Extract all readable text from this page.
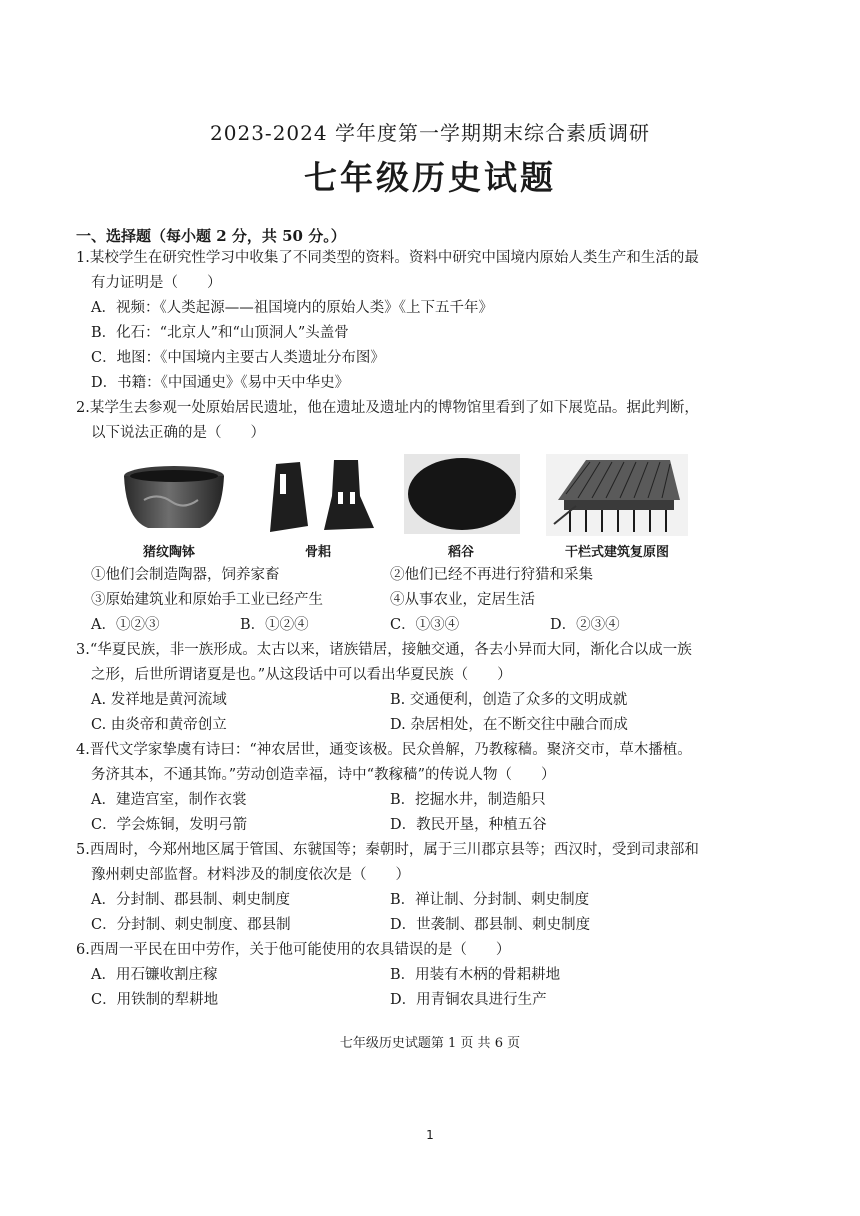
2023-2024 学年度第一学期期末综合素质调研
七年级历史试题
一、选择题（每小题 2 分，共 50 分。）
1.某校学生在研究性学习中收集了不同类型的资料。资料中研究中国境内原始人类生产和生活的最
有力证明是（　　）
A．视频：《人类起源——祖国境内的原始人类》《上下五千年》
B．化石：“北京人”和“山顶洞人”头盖骨
C．地图：《中国境内主要古人类遗址分布图》
D．书籍：《中国通史》《易中天中华史》
2.某学生去参观一处原始居民遗址，他在遗址及遗址内的博物馆里看到了如下展览品。据此判断，
以下说法正确的是（　　）
猪纹陶钵	骨耜	稻谷	干栏式建筑复原图
①他们会制造陶器，饲养家畜	②他们已经不再进行狩猎和采集
③原始建筑业和原始手工业已经产生	④从事农业，定居生活
A．①②③	B．①②④	C．①③④	D．②③④
3.“华夏民族，非一族形成。太古以来，诸族错居，接触交通，各去小异而大同，渐化合以成一族
之形，后世所谓诸夏是也。”从这段话中可以看出华夏民族（　　）
A. 发祥地是黄河流域	B. 交通便利，创造了众多的文明成就
C. 由炎帝和黄帝创立	D. 杂居相处，在不断交往中融合而成
4.晋代文学家挚虞有诗曰：“神农居世，通变该极。民众兽解，乃教稼穑。聚济交市，草木播植。
务济其本，不通其饰。”劳动创造幸福，诗中“教稼穑”的传说人物（　　）
A．建造宫室，制作衣裳	B．挖掘水井，制造船只
C．学会炼铜，发明弓箭	D．教民开垦，种植五谷
5.西周时，今郑州地区属于管国、东虢国等；秦朝时，属于三川郡京县等；西汉时，受到司隶部和
豫州刺史部监督。材料涉及的制度依次是（　　）
A．分封制、郡县制、刺史制度	B．禅让制、分封制、刺史制度
C．分封制、刺史制度、郡县制	D．世袭制、郡县制、刺史制度
6.西周一平民在田中劳作，关于他可能使用的农具错误的是（　　）
A．用石镰收割庄稼	B．用装有木柄的骨耜耕地
C．用铁制的犁耕地	D．用青铜农具进行生产
七年级历史试题第 1 页 共 6 页
1
